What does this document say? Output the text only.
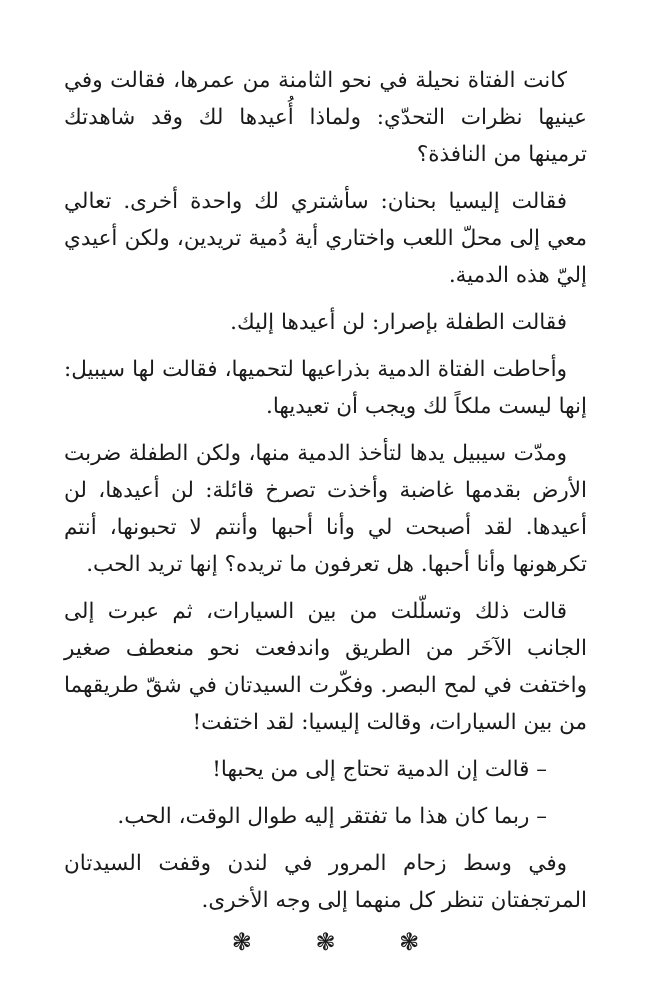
كانت الفتاة نحيلة في نحو الثامنة من عمرها، فقالت وفي عينيها نظرات التحدّي: ولماذا أُعيدها لك وقد شاهدتك ترمينها من النافذة؟

فقالت إليسيا بحنان: سأشتري لك واحدة أخرى. تعالي معي إلى محلّ اللعب واختاري أية دُمية تريدين، ولكن أعيدي إليّ هذه الدمية.

فقالت الطفلة بإصرار: لن أعيدها إليك.

وأحاطت الفتاة الدمية بذراعيها لتحميها، فقالت لها سيبيل: إنها ليست ملكاً لك ويجب أن تعيديها.

ومدّت سيبيل يدها لتأخذ الدمية منها، ولكن الطفلة ضربت الأرض بقدمها غاضبة وأخذت تصرخ قائلة: لن أعيدها، لن أعيدها. لقد أصبحت لي وأنا أحبها وأنتم لا تحبونها، أنتم تكرهونها وأنا أحبها. هل تعرفون ما تريده؟ إنها تريد الحب.

قالت ذلك وتسلّلت من بين السيارات، ثم عبرت إلى الجانب الآخَر من الطريق واندفعت نحو منعطف صغير واختفت في لمح البصر. وفكّرت السيدتان في شقّ طريقهما من بين السيارات، وقالت إليسيا: لقد اختفت!

– قالت إن الدمية تحتاج إلى من يحبها!

– ربما كان هذا ما تفتقر إليه طوال الوقت، الحب.

وفي وسط زحام المرور في لندن وقفت السيدتان المرتجفتان تنظر كل منهما إلى وجه الأخرى.

❃ ❃ ❃
